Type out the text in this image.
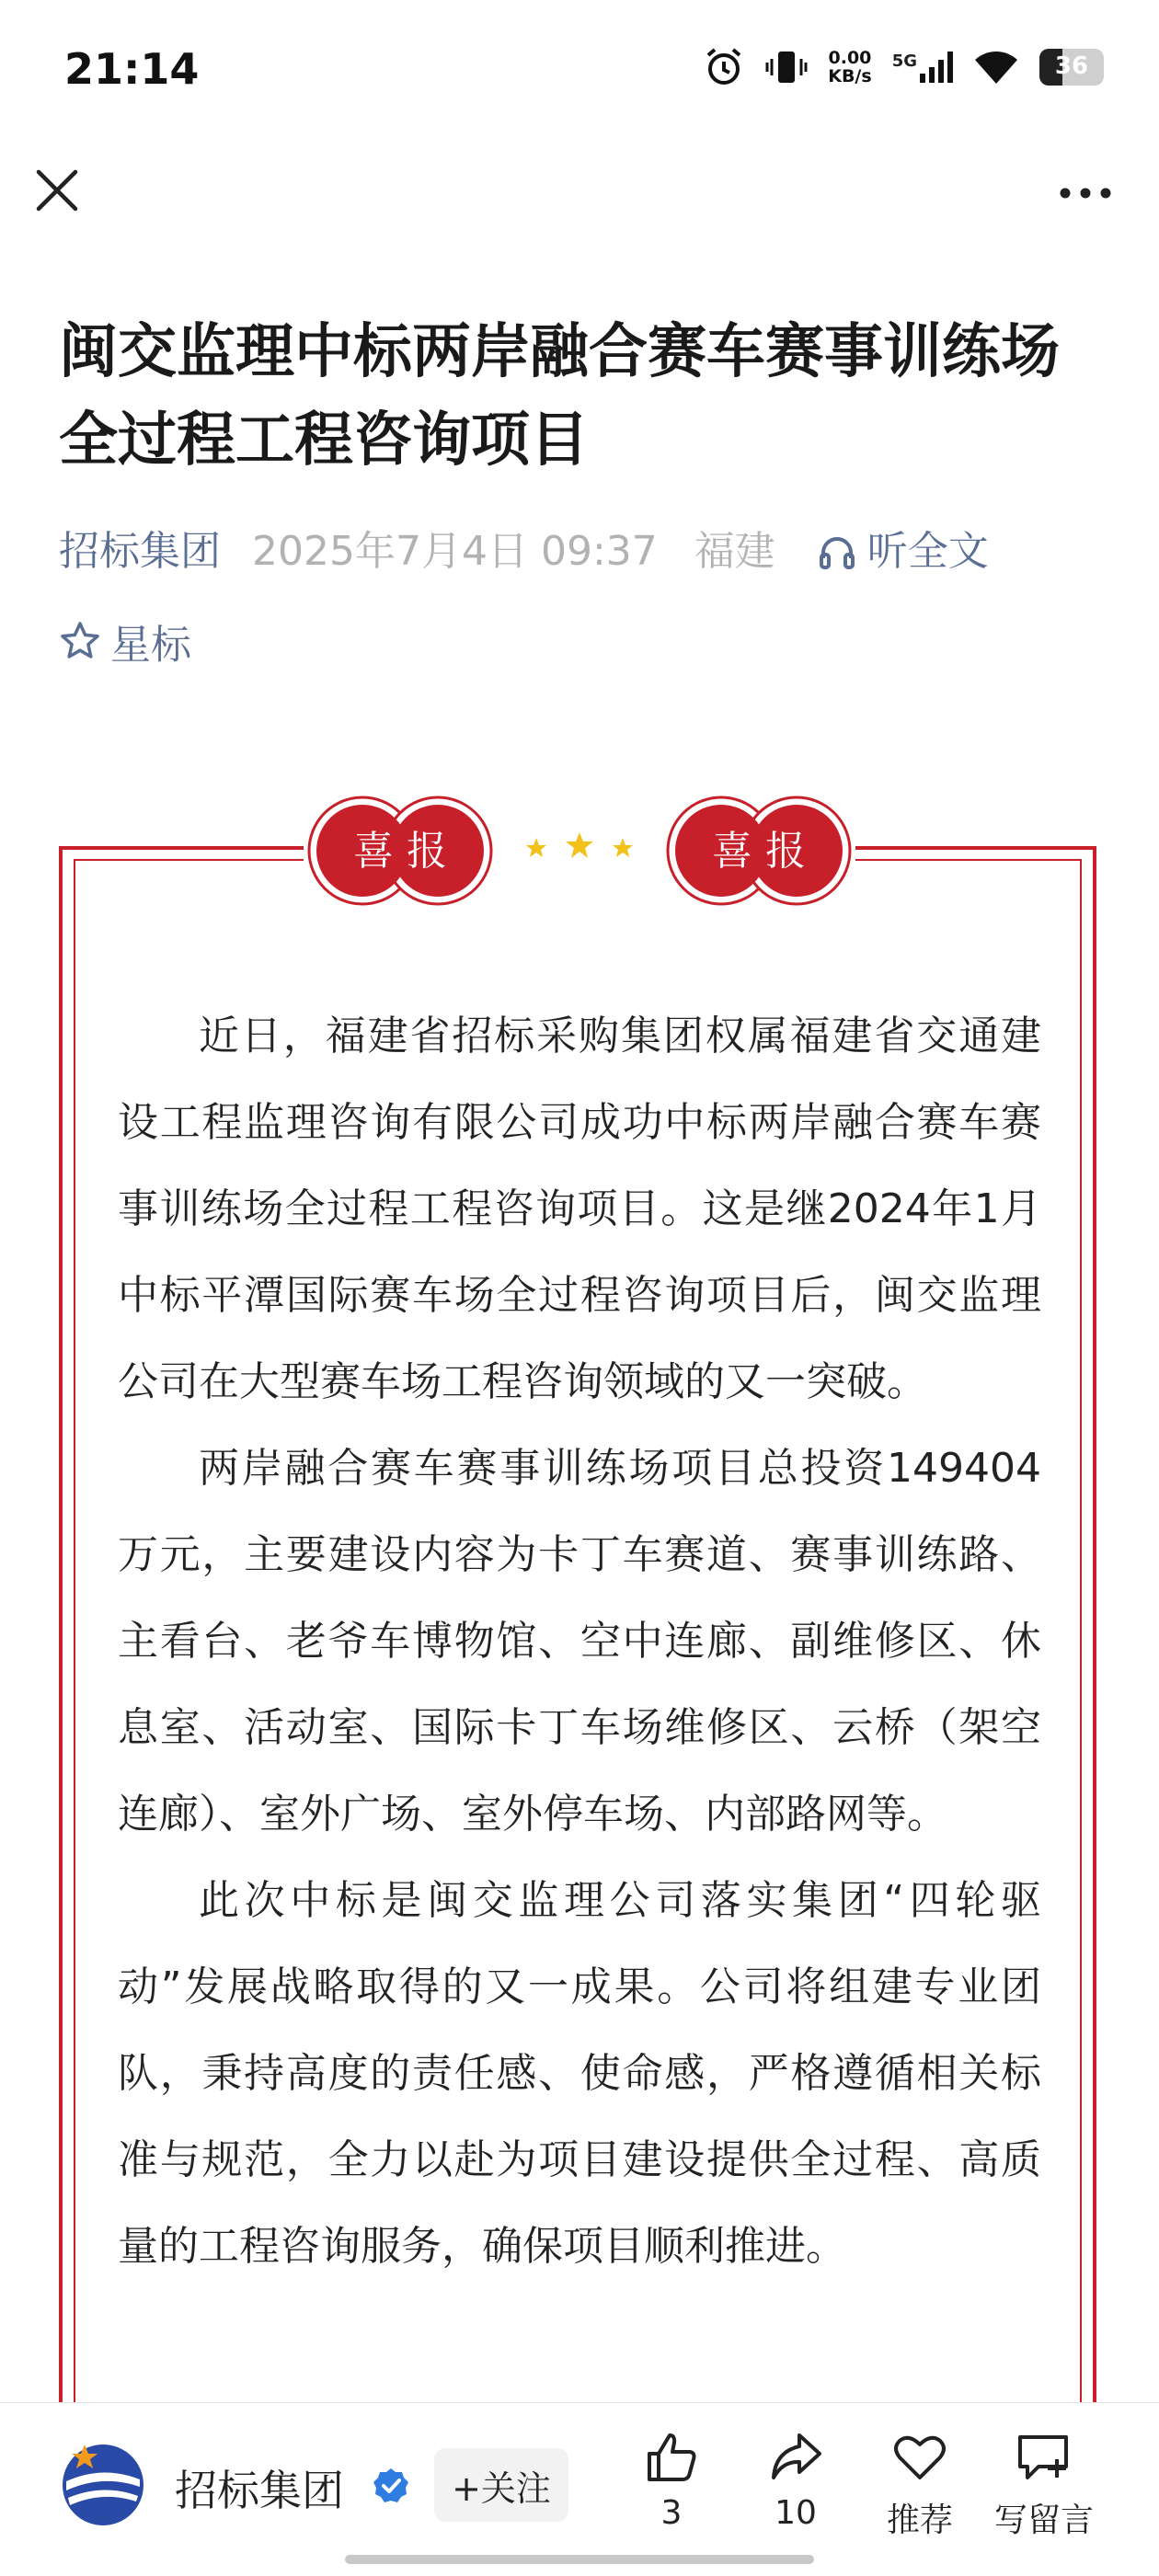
21:14	0.00
KB/s
5G	36
闽交监理中标两岸融合赛车赛事训练场全过程工程咨询项目
招标集团 2025年7月4日 09:37 福建 听全文
星标
喜 报	喜 报

近日，福建省招标采购集团权属福建省交通建设工程监理咨询有限公司成功中标两岸融合赛车赛事训练场全过程工程咨询项目。这是继2024年1月中标平潭国际赛车场全过程咨询项目后，闽交监理公司在大型赛车场工程咨询领域的又一突破。

两岸融合赛车赛事训练场项目总投资149404 万元，主要建设内容为卡丁车赛道、赛事训练路、主看台、老爷车博物馆、空中连廊、副维修区、休息室、活动室、国际卡丁车场维修区、云桥（架空连廊）、室外广场、室外停车场、内部路网等。

此次中标是闽交监理公司落实集团“四轮驱动”发展战略取得的又一成果。公司将组建专业团队，秉持高度的责任感、使命感，严格遵循相关标准与规范，全力以赴为项目建设提供全过程、高质量的工程咨询服务，确保项目顺利推进。

招标集团	+关注
3	10 推荐 写留言
